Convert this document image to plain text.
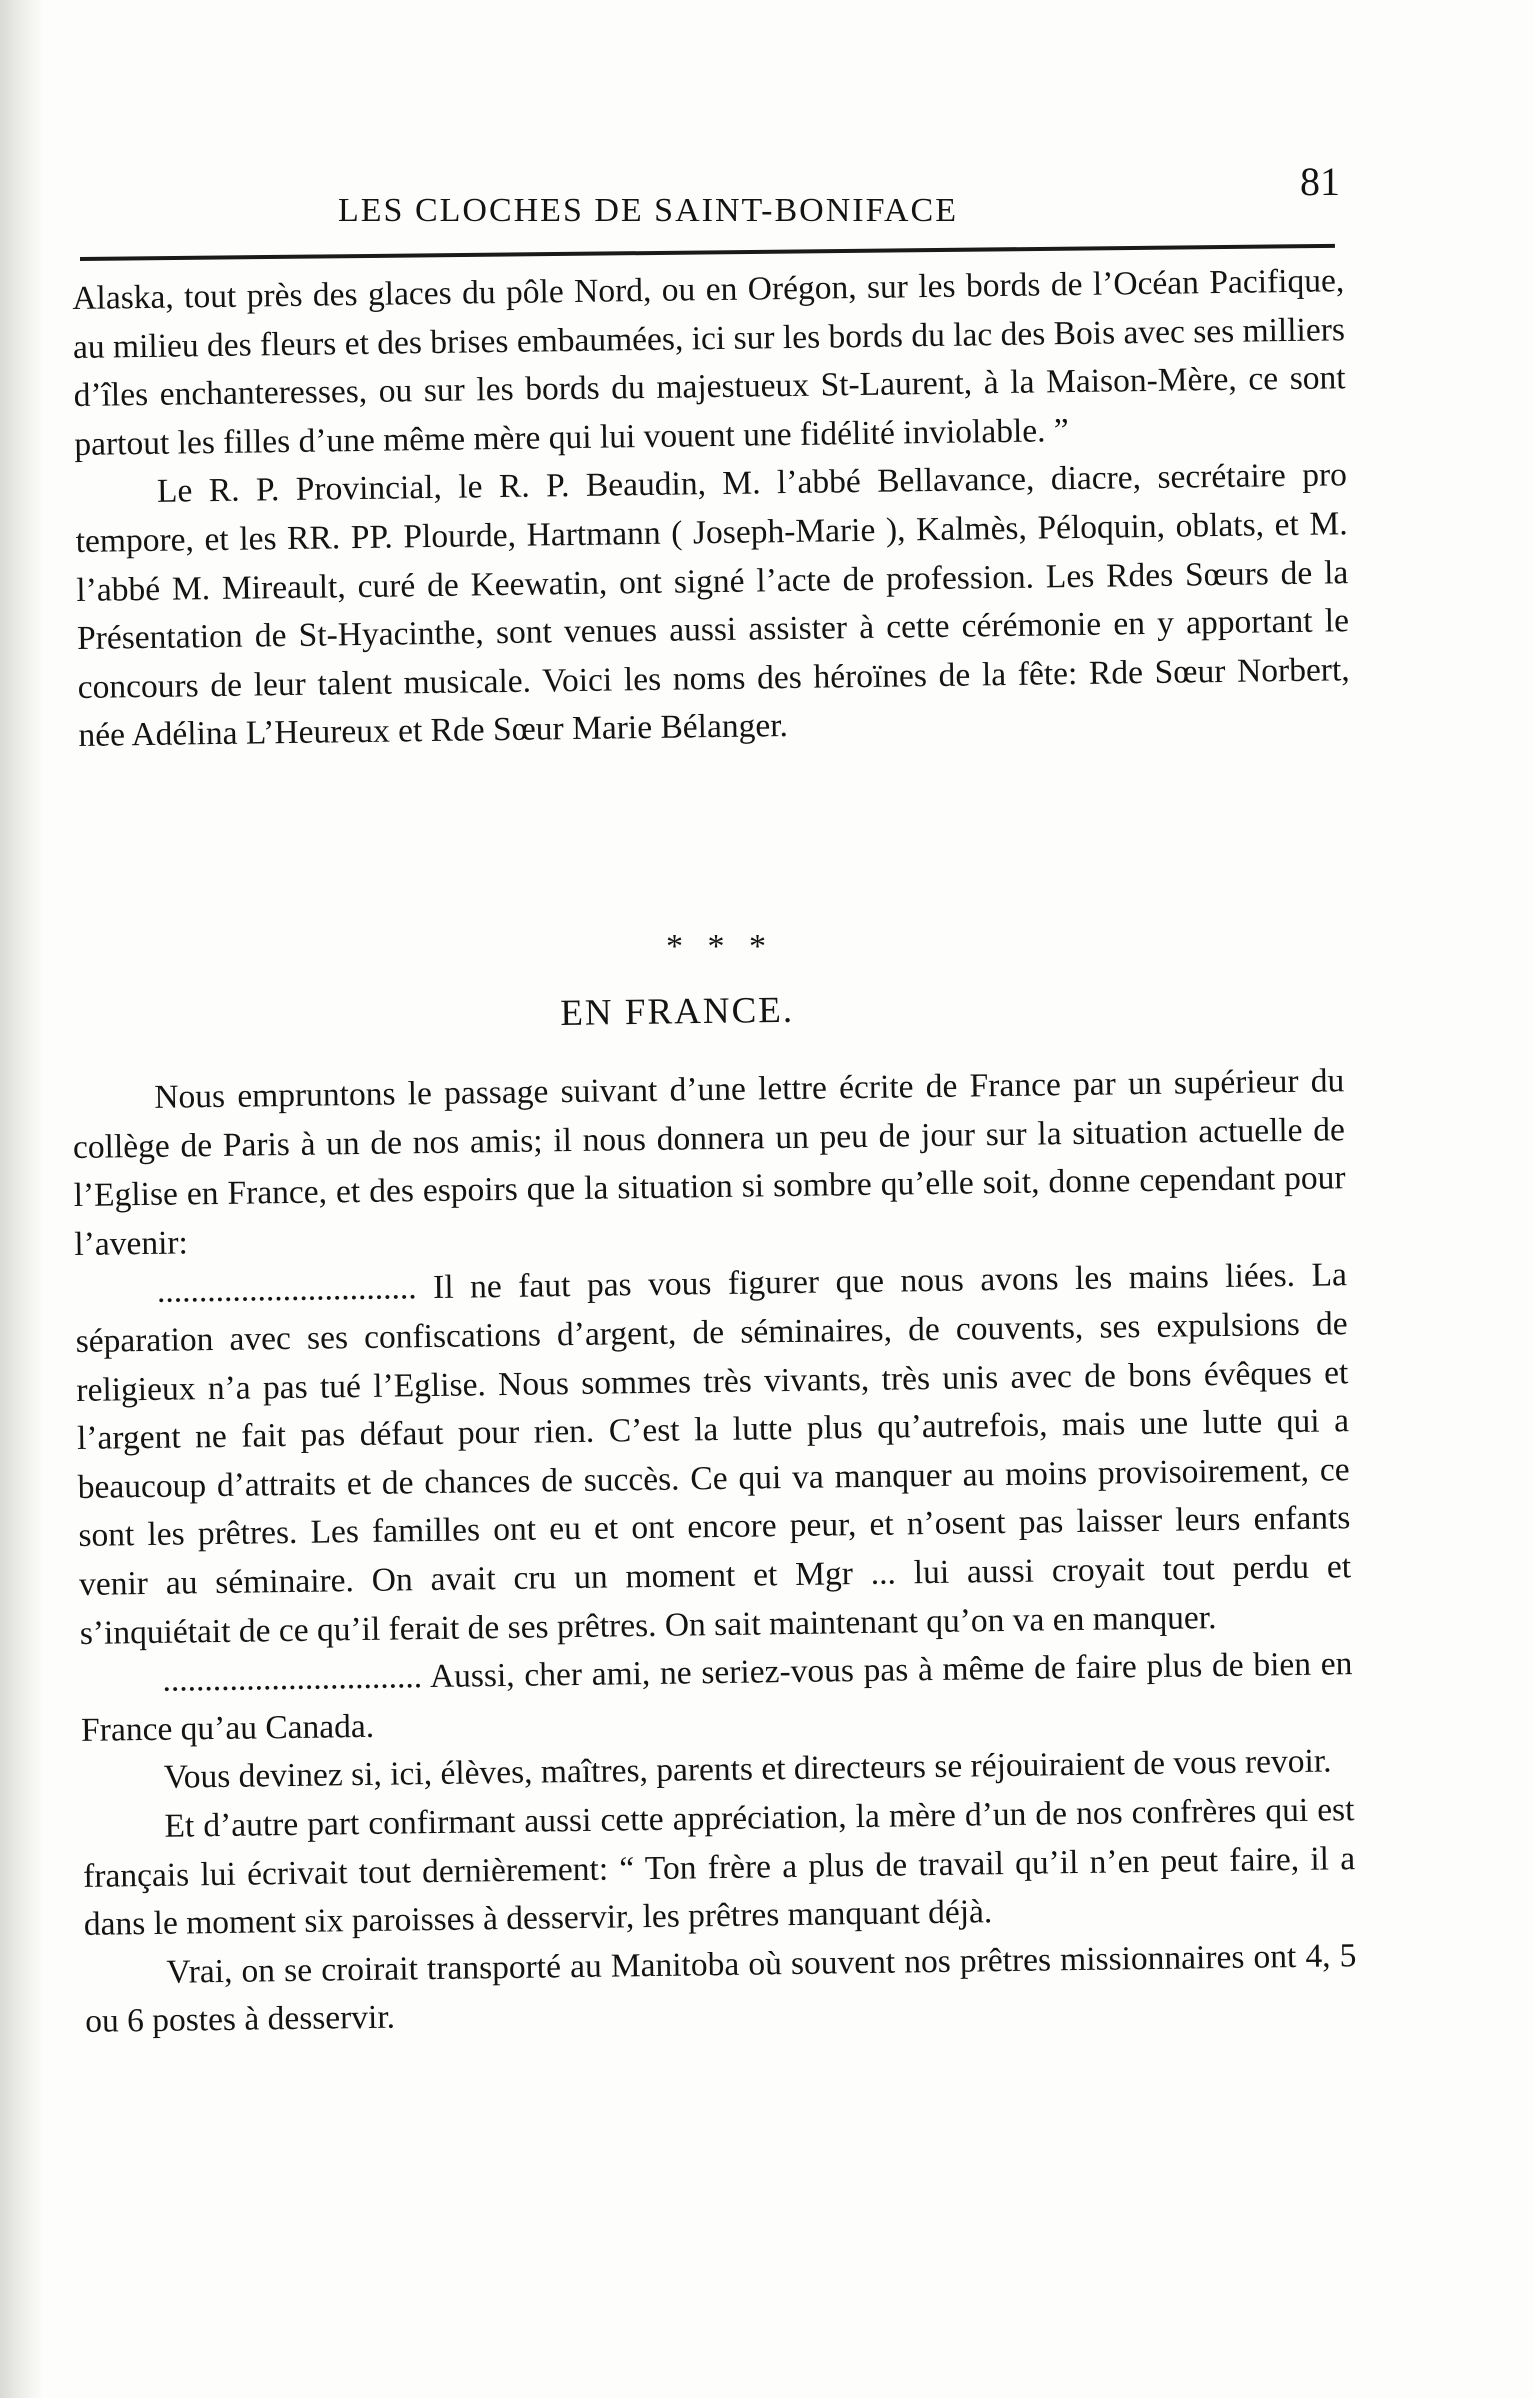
LES CLOCHES DE SAINT-BONIFACE
81

Alaska, tout près des glaces du pôle Nord, ou en Orégon, sur les bords de l’Océan Pacifique, au milieu des fleurs et des brises embaumées, ici sur les bords du lac des Bois avec ses milliers d’îles enchanteresses, ou sur les bords du majestueux St-Laurent, à la Maison-Mère, ce sont partout les filles d’une même mère qui lui vouent une fidélité inviolable. ”

Le R. P. Provincial, le R. P. Beaudin, M. l’abbé Bellavance, diacre, secrétaire pro tempore, et les RR. PP. Plourde, Hartmann ( Joseph-Marie ), Kalmès, Péloquin, oblats, et M. l’abbé M. Mireault, curé de Keewatin, ont signé l’acte de profession. Les Rdes Sœurs de la Présentation de St-Hyacinthe, sont venues aussi assister à cette cérémonie en y apportant le concours de leur talent musicale. Voici les noms des héroïnes de la fête: Rde Sœur Norbert, née Adélina L’Heureux et Rde Sœur Marie Bélanger.

* * *
EN FRANCE.

Nous empruntons le passage suivant d’une lettre écrite de France par un supérieur du collège de Paris à un de nos amis; il nous donnera un peu de jour sur la situation actuelle de l’Eglise en France, et des espoirs que la situation si sombre qu’elle soit, donne cependant pour l’avenir:

............................... Il ne faut pas vous figurer que nous avons les mains liées. La séparation avec ses confiscations d’argent, de séminaires, de couvents, ses expulsions de religieux n’a pas tué l’Eglise. Nous sommes très vivants, très unis avec de bons évêques et l’argent ne fait pas défaut pour rien. C’est la lutte plus qu’autrefois, mais une lutte qui a beaucoup d’attraits et de chances de succès. Ce qui va manquer au moins provisoirement, ce sont les prêtres. Les familles ont eu et ont encore peur, et n’osent pas laisser leurs enfants venir au séminaire. On avait cru un moment et Mgr ... lui aussi croyait tout perdu et s’inquiétait de ce qu’il ferait de ses prêtres. On sait maintenant qu’on va en manquer.

............................... Aussi, cher ami, ne seriez-vous pas à même de faire plus de bien en France qu’au Canada.

Vous devinez si, ici, élèves, maîtres, parents et directeurs se réjouiraient de vous revoir.

Et d’autre part confirmant aussi cette appréciation, la mère d’un de nos confrères qui est français lui écrivait tout dernièrement: “ Ton frère a plus de travail qu’il n’en peut faire, il a dans le moment six paroisses à desservir, les prêtres manquant déjà.

Vrai, on se croirait transporté au Manitoba où souvent nos prêtres missionnaires ont 4, 5 ou 6 postes à desservir.
